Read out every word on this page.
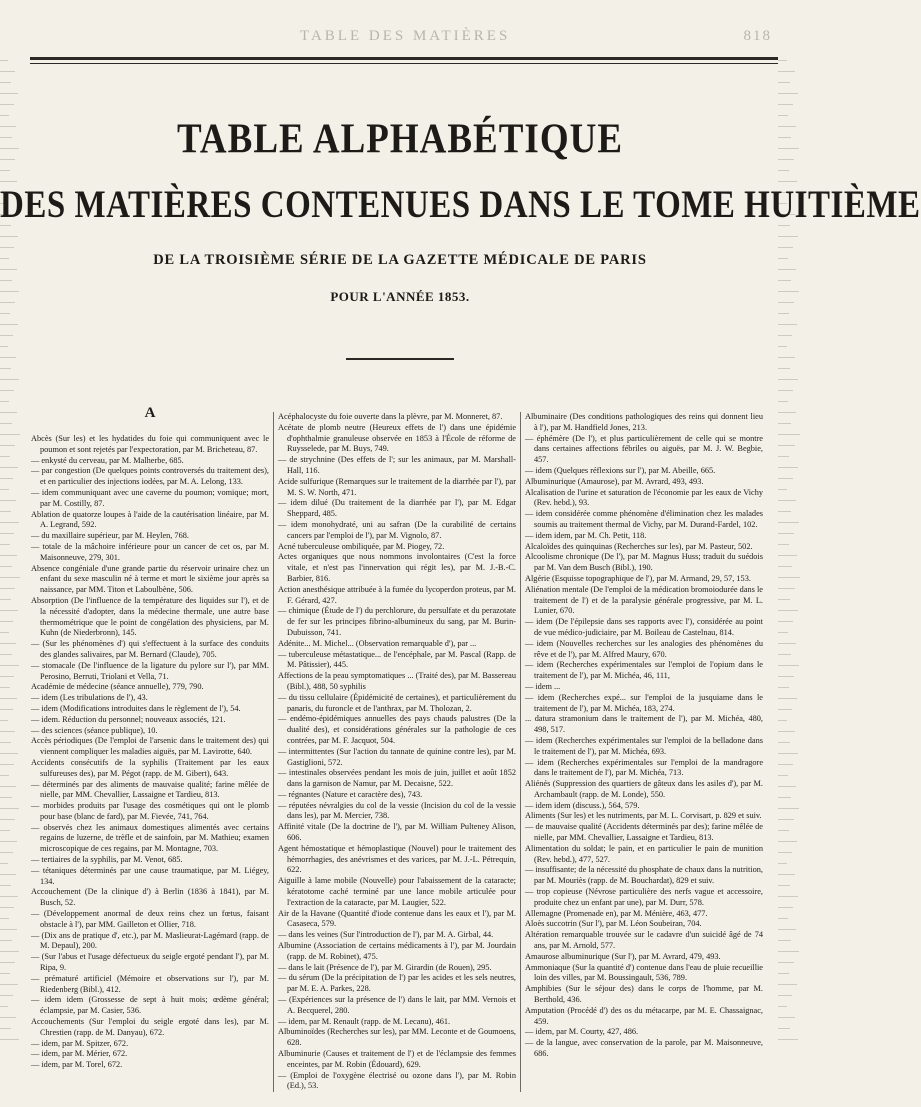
TABLE DES MATIÈRES	818

TABLE ALPHABÉTIQUE

DES MATIÈRES CONTENUES DANS LE TOME HUITIÈME

DE LA TROISIÈME SÉRIE DE LA GAZETTE MÉDICALE DE PARIS

POUR L'ANNÉE 1853.

A

Abcès (Sur les) et les hydatides du foie qui communiquent avec le poumon et sont rejetés par l'expectoration, par M. Bricheteau, 87.

— enkysté du cerveau, par M. Malherbe, 685.

— par congestion (De quelques points controversés du traitement des), et en particulier des injections iodées, par M. A. Lelong, 133.

— idem communiquant avec une caverne du poumon; vomique; mort, par M. Costilly, 87.

Ablation de quatorze loupes à l'aide de la cautérisation linéaire, par M. A. Legrand, 592.

— du maxillaire supérieur, par M. Heylen, 768.

— totale de la mâchoire inférieure pour un cancer de cet os, par M. Maisonneuve, 279, 301.

Absence congéniale d'une grande partie du réservoir urinaire chez un enfant du sexe masculin né à terme et mort le sixième jour après sa naissance, par MM. Titon et Laboulbène, 506.

Absorption (De l'influence de la température des liquides sur l'), et de la nécessité d'adopter, dans la médecine thermale, une autre base thermométrique que le point de congélation des physiciens, par M. Kuhn (de Niederbronn), 145.

— (Sur les phénomènes d') qui s'effectuent à la surface des conduits des glandes salivaires, par M. Bernard (Claude), 705.

— stomacale (De l'influence de la ligature du pylore sur l'), par MM. Perosino, Berruti, Triolani et Vella, 71.

Académie de médecine (séance annuelle), 779, 790.

— idem (Les tribulations de l'), 43.

— idem (Modifications introduites dans le règlement de l'), 54.

— idem. Réduction du personnel; nouveaux associés, 121.

— des sciences (séance publique), 10.

Accès périodiques (De l'emploi de l'arsenic dans le traitement des) qui viennent compliquer les maladies aiguës, par M. Lavirotte, 640.

Accidents consécutifs de la syphilis (Traitement par les eaux sulfureuses des), par M. Pégot (rapp. de M. Gibert), 643.

— déterminés par des aliments de mauvaise qualité; farine mêlée de nielle, par MM. Chevallier, Lassaigne et Tardieu, 813.

— morbides produits par l'usage des cosmétiques qui ont le plomb pour base (blanc de fard), par M. Fievée, 741, 764.

— observés chez les animaux domestiques alimentés avec certains regains de luzerne, de trèfle et de sainfoin, par M. Mathieu; examen microscopique de ces regains, par M. Montagne, 703.

— tertiaires de la syphilis, par M. Venot, 685.

— tétaniques déterminés par une cause traumatique, par M. Liégey, 134.

Accouchement (De la clinique d') à Berlin (1836 à 1841), par M. Busch, 52.

— (Développement anormal de deux reins chez un fœtus, faisant obstacle à l'), par MM. Gailleton et Ollier, 718.

— (Dix ans de pratique d', etc.), par M. Maslieurat-Lagémard (rapp. de M. Depaul), 200.

— (Sur l'abus et l'usage défectueux du seigle ergoté pendant l'), par M. Ripa, 9.

— prématuré artificiel (Mémoire et observations sur l'), par M. Riedenberg (Bibl.), 412.

— idem idem (Grossesse de sept à huit mois; œdème général; éclampsie, par M. Casier, 536.

Accouchements (Sur l'emploi du seigle ergoté dans les), par M. Chrestien (rapp. de M. Danyau), 672.

— idem, par M. Spitzer, 672.

— idem, par M. Mérier, 672.

— idem, par M. Torel, 672.

Acéphalocyste du foie ouverte dans la plèvre, par M. Monneret, 87.

Acétate de plomb neutre (Heureux effets de l') dans une épidémie d'ophthalmie granuleuse observée en 1853 à l'École de réforme de Ruysselede, par M. Buys, 749.

— de strychnine (Des effets de l'; sur les animaux, par M. Marshall-Hall, 116.

Acide sulfurique (Remarques sur le traitement de la diarrhée par l'), par M. S. W. North, 471.

— idem dilué (Du traitement de la diarrhée par l'), par M. Edgar Sheppard, 485.

— idem monohydraté, uni au safran (De la curabilité de certains cancers par l'emploi de l'), par M. Vignolo, 87.

Acné tuberculeuse ombiliquée, par M. Piogey, 72.

Actes organiques que nous nommons involontaires (C'est la force vitale, et n'est pas l'innervation qui régit les), par M. J.-B.-C. Barbier, 816.

Action anesthésique attribuée à la fumée du lycoperdon proteus, par M. F. Gérard, 427.

— chimique (Étude de l') du perchlorure, du persulfate et du perazotate de fer sur les principes fibrino-albumineux du sang, par M. Burin-Dubuisson, 741.

Adénite... M. Michel... (Observation remarquable d'), par ...

— tuberculeuse métastatique... de l'encéphale, par M. Pascal (Rapp. de M. Pâtissier), 445.

Affections de la peau symptomatiques ... (Traité des), par M. Bassereau (Bibl.), 488, 50 syphilis

— du tissu cellulaire (Épidémicité de certaines), et particulièrement du panaris, du furoncle et de l'anthrax, par M. Tholozan, 2.

— endémo-épidémiques annuelles des pays chauds palustres (De la dualité des), et considérations générales sur la pathologie de ces contrées, par M. F. Jacquot, 504.

— intermittentes (Sur l'action du tannate de quinine contre les), par M. Gastiglioni, 572.

— intestinales observées pendant les mois de juin, juillet et août 1852 dans la garnison de Namur, par M. Decaisne, 522.

— régnantes (Nature et caractère des), 743.

— réputées névralgies du col de la vessie (Incision du col de la vessie dans les), par M. Mercier, 738.

Affinité vitale (De la doctrine de l'), par M. William Pulteney Alison, 606.

Agent hémostatique et hémoplastique (Nouvel) pour le traitement des hémorrhagies, des anévrismes et des varices, par M. J.-L. Pétrequin, 622.

Aiguille à lame mobile (Nouvelle) pour l'abaissement de la cataracte; kératotome caché terminé par une lance mobile articulée pour l'extraction de la cataracte, par M. Laugier, 522.

Air de la Havane (Quantité d'iode contenue dans les eaux et l'), par M. Casaseca, 579.

— dans les veines (Sur l'introduction de l'), par M. A. Girbal, 44.

Albumine (Association de certains médicaments à l'), par M. Jourdain (rapp. de M. Robinet), 475.

— dans le lait (Présence de l'), par M. Girardin (de Rouen), 295.

— du sérum (De la précipitation de l') par les acides et les sels neutres, par M. E. A. Parkes, 228.

— (Expériences sur la présence de l') dans le lait, par MM. Vernois et A. Becquerel, 280.

— idem, par M. Renault (rapp. de M. Lecanu), 461.

Albuminoïdes (Recherches sur les), par MM. Leconte et de Goumoens, 628.

Albuminurie (Causes et traitement de l') et de l'éclampsie des femmes enceintes, par M. Robin (Édouard), 629.

— (Emploi de l'oxygène électrisé ou ozone dans l'), par M. Robin (Ed.), 53.

Albuminaire (Des conditions pathologiques des reins qui donnent lieu à l'), par M. Handfield Jones, 213.

— éphémère (De l'), et plus particulièrement de celle qui se montre dans certaines affections fébriles ou aiguës, par M. J. W. Begbie, 457.

— idem (Quelques réflexions sur l'), par M. Abeille, 665.

Albuminurique (Amaurose), par M. Avrard, 493, 493.

Alcalisation de l'urine et saturation de l'économie par les eaux de Vichy (Rev. hebd.), 93.

— idem considérée comme phénomène d'élimination chez les malades soumis au traitement thermal de Vichy, par M. Durand-Fardel, 102.

— idem idem, par M. Ch. Petit, 118.

Alcaloïdes des quinquinas (Recherches sur les), par M. Pasteur, 502.

Alcoolisme chronique (De l'), par M. Magnus Huss; traduit du suédois par M. Van dem Busch (Bibl.), 190.

Algérie (Esquisse topographique de l'), par M. Armand, 29, 57, 153.

Aliénation mentale (De l'emploi de la médication bromoiodurée dans le traitement de l') et de la paralysie générale progressive, par M. L. Lunier, 670.

— idem (De l'épilepsie dans ses rapports avec l'), considérée au point de vue médico-judiciaire, par M. Boileau de Castelnau, 814.

— idem (Nouvelles recherches sur les analogies des phénomènes du rêve et de l'), par M. Alfred Maury, 670.

— idem (Recherches expérimentales sur l'emploi de l'opium dans le traitement de l'), par M. Michéa, 46, 111,

— idem ...

— idem (Recherches expé... sur l'emploi de la jusquiame dans le traitement de l'), par M. Michéa, 183, 274.

... datura stramonium dans le traitement de l'), par M. Michéa, 480, 498, 517.

— idem (Recherches expérimentales sur l'emploi de la belladone dans le traitement de l'), par M. Michéa, 693.

— idem (Recherches expérimentales sur l'emploi de la mandragore dans le traitement de l'), par M. Michéa, 713.

Aliénés (Suppression des quartiers de gâteux dans les asiles d'), par M. Archambault (rapp. de M. Londe), 550.

— idem idem (discuss.), 564, 579.

Aliments (Sur les) et les nutriments, par M. L. Corvisart, p. 829 et suiv.

— de mauvaise qualité (Accidents déterminés par des); farine mêlée de nielle, par MM. Chevallier, Lassaigne et Tardieu, 813.

Alimentation du soldat; le pain, et en particulier le pain de munition (Rev. hebd.), 477, 527.

— insuffisante; de la nécessité du phosphate de chaux dans la nutrition, par M. Mouriès (rapp. de M. Bouchardat), 829 et suiv.

— trop copieuse (Névrose particulière des nerfs vague et accessoire, produite chez un enfant par une), par M. Durr, 578.

Allemagne (Promenade en), par M. Ménière, 463, 477.

Aloès succotrin (Sur l'), par M. Léon Soubeiran, 704.

Altération remarquable trouvée sur le cadavre d'un suicidé âgé de 74 ans, par M. Arnold, 577.

Amaurose albuminurique (Sur l'), par M. Avrard, 479, 493.

Ammoniaque (Sur la quantité d') contenue dans l'eau de pluie recueillie loin des villes, par M. Boussingault, 536, 789.

Amphibies (Sur le séjour des) dans le corps de l'homme, par M. Berthold, 436.

Amputation (Procédé d') des os du métacarpe, par M. E. Chassaignac, 459.

— idem, par M. Courty, 427, 486.

— de la langue, avec conservation de la parole, par M. Maisonneuve, 686.
